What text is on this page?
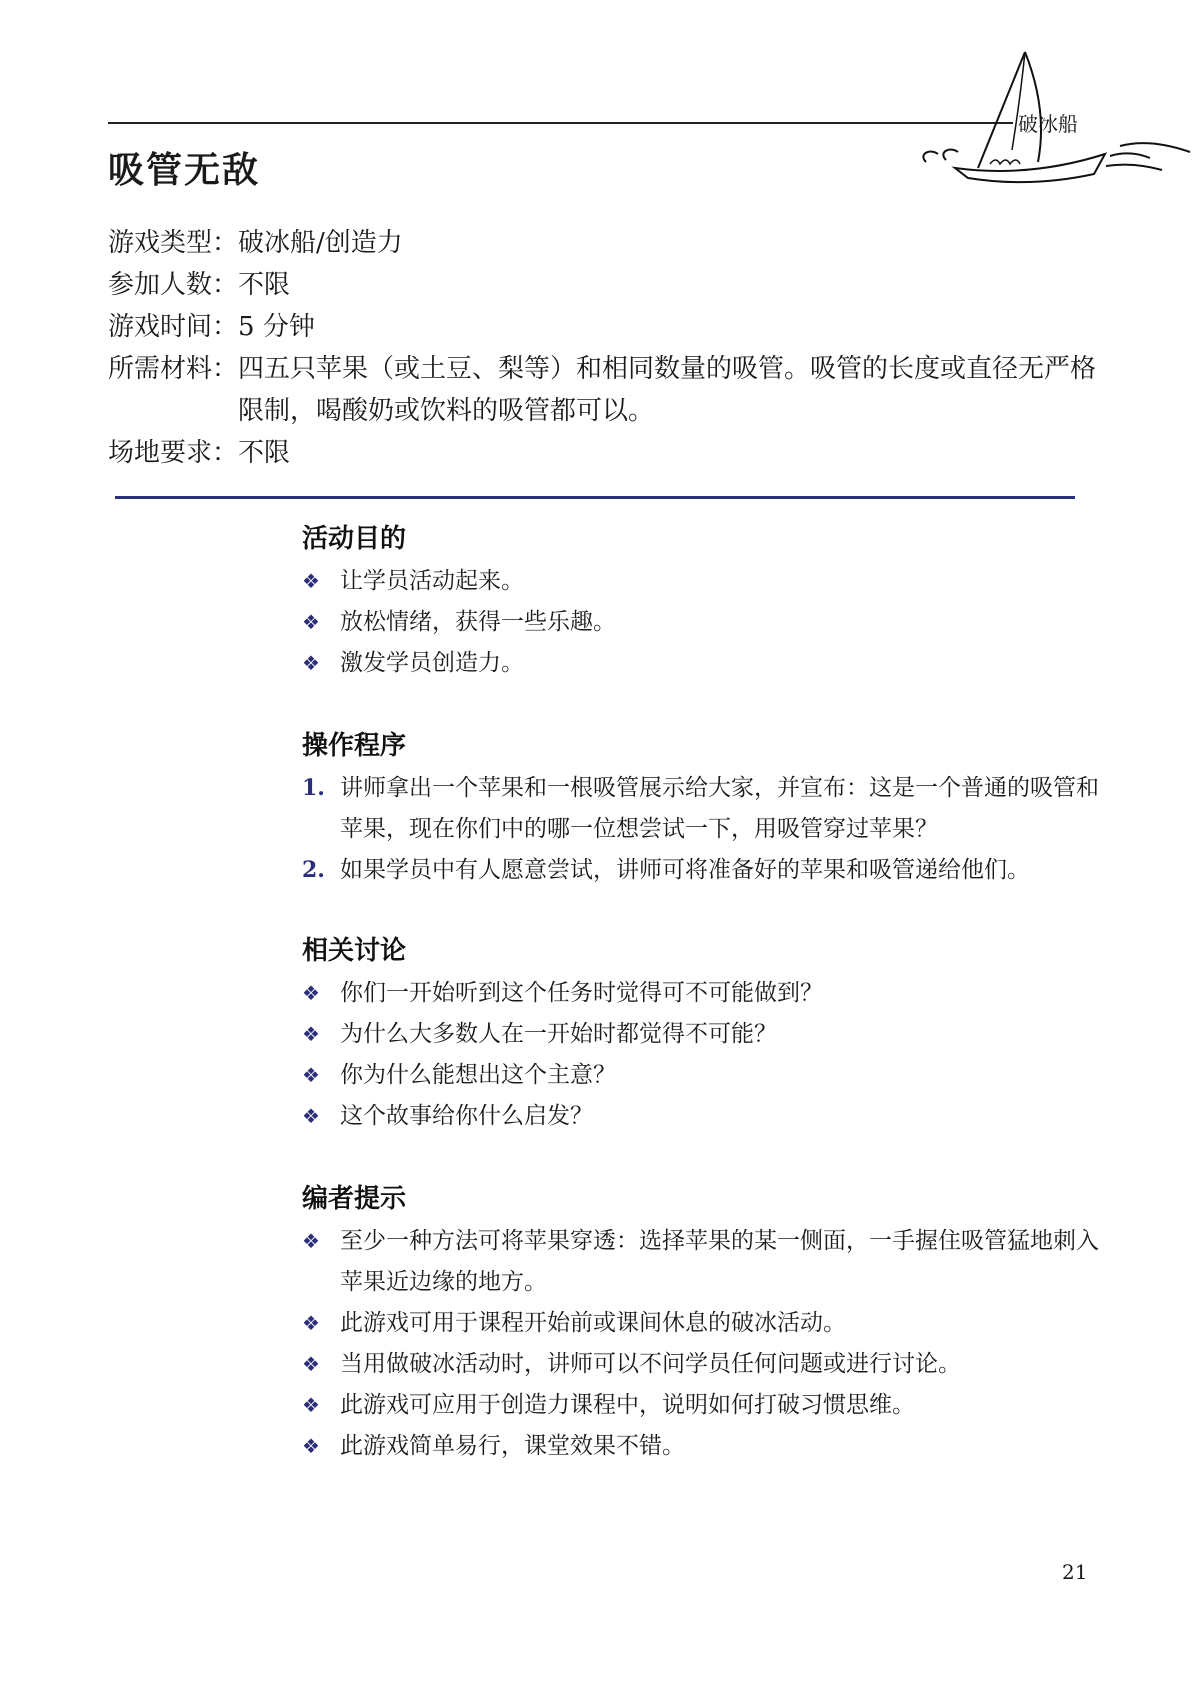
破冰船
吸管无敌
游戏类型： 破冰船/创造力
参加人数： 不限
游戏时间： 5 分钟
所需材料： 四五只苹果（或土豆、梨等）和相同数量的吸管。吸管的长度或直径无严格限制，喝酸奶或饮料的吸管都可以。
场地要求： 不限
活动目的
❖ 让学员活动起来。
❖ 放松情绪，获得一些乐趣。
❖ 激发学员创造力。
操作程序
1. 讲师拿出一个苹果和一根吸管展示给大家，并宣布：这是一个普通的吸管和苹果，现在你们中的哪一位想尝试一下，用吸管穿过苹果？
2. 如果学员中有人愿意尝试，讲师可将准备好的苹果和吸管递给他们。
相关讨论
❖ 你们一开始听到这个任务时觉得可不可能做到？
❖ 为什么大多数人在一开始时都觉得不可能？
❖ 你为什么能想出这个主意？
❖ 这个故事给你什么启发？
编者提示
❖ 至少一种方法可将苹果穿透：选择苹果的某一侧面，一手握住吸管猛地刺入苹果近边缘的地方。
❖ 此游戏可用于课程开始前或课间休息的破冰活动。
❖ 当用做破冰活动时，讲师可以不问学员任何问题或进行讨论。
❖ 此游戏可应用于创造力课程中，说明如何打破习惯思维。
❖ 此游戏简单易行，课堂效果不错。
21
